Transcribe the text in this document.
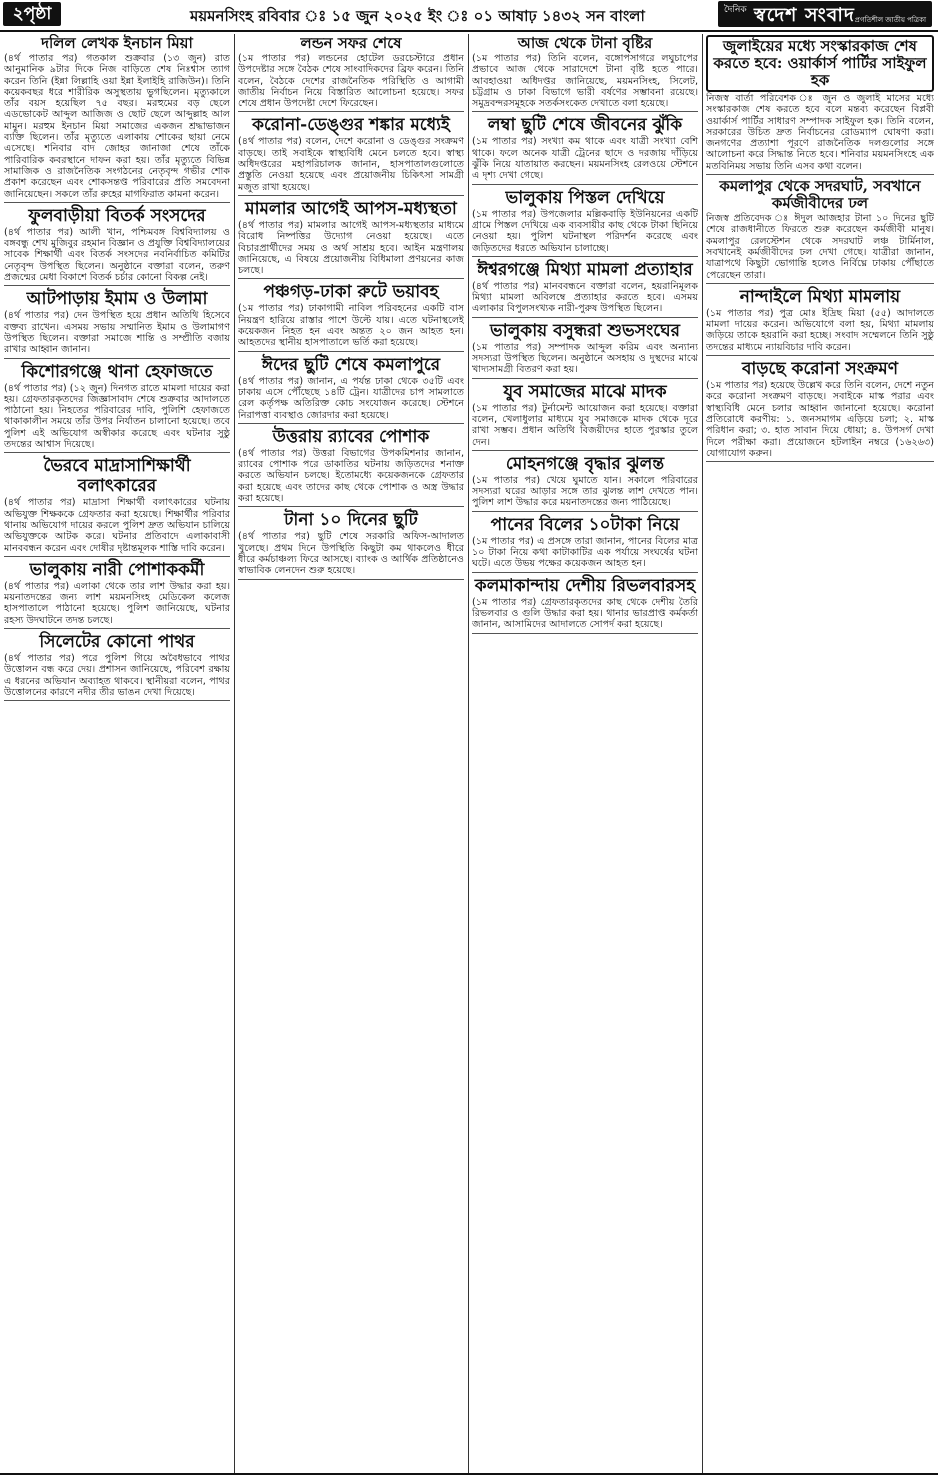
২পৃষ্ঠা	ময়মনসিংহ রবিবার ঃ ১৫ জুন ২০২৫ ইং ঃ ০১ আষাঢ় ১৪৩২ সন বাংলা	দৈনিক স্বদেশ সংবাদ প্রগতিশীল জাতীয় পত্রিকা
দলিল লেখক ইনচান মিয়া

(৪র্থ পাতার পর) গতকাল শুক্রবার (১৩ জুন) রাত আনুমানিক ৯টার দিকে নিজ বাড়িতে শেষ নিঃশ্বাস ত্যাগ করেন তিনি (ইন্না লিল্লাহি ওয়া ইন্না ইলাইহি রাজিউন)। তিনি কয়েকবছর ধরে শারীরিক অসুস্থতায় ভুগছিলেন। মৃত্যুকালে তাঁর বয়স হয়েছিল ৭৫ বছর। মরহুমের বড় ছেলে এডভোকেট আব্দুল আজিজ ও ছোট ছেলে আব্দুল্লাহ আল মামুন। মরহুম ইনচান মিয়া সমাজের একজন শ্রদ্ধাভাজন ব্যক্তি ছিলেন। তাঁর মৃত্যুতে এলাকায় শোকের ছায়া নেমে এসেছে। শনিবার বাদ জোহর জানাজা শেষে তাঁকে পারিবারিক কবরস্থানে দাফন করা হয়। তাঁর মৃত্যুতে বিভিন্ন সামাজিক ও রাজনৈতিক সংগঠনের নেতৃবৃন্দ গভীর শোক প্রকাশ করেছেন এবং শোকসন্তপ্ত পরিবারের প্রতি সমবেদনা জানিয়েছেন। সকলে তাঁর রুহের মাগফিরাত কামনা করেন।

ফুলবাড়ীয়া বিতর্ক সংসদের

(৪র্থ পাতার পর) আলী খান, পশ্চিমবঙ্গ বিশ্ববিদ্যালয় ও বঙ্গবন্ধু শেখ মুজিবুর রহমান বিজ্ঞান ও প্রযুক্তি বিশ্ববিদ্যালয়ের সাবেক শিক্ষার্থী এবং বিতর্ক সংসদের নবনির্বাচিত কমিটির নেতৃবৃন্দ উপস্থিত ছিলেন। অনুষ্ঠানে বক্তারা বলেন, তরুণ প্রজন্মের মেধা বিকাশে বিতর্ক চর্চার কোনো বিকল্প নেই।

আটপাড়ায় ইমাম ও উলামা

(৪র্থ পাতার পর) দেন উপস্থিত হয়ে প্রধান অতিথি হিসেবে বক্তব্য রাখেন। এসময় সভায় সম্মানিত ইমাম ও উলামাগণ উপস্থিত ছিলেন। বক্তারা সমাজে শান্তি ও সম্প্রীতি বজায় রাখার আহ্বান জানান।

কিশোরগঞ্জে থানা হেফাজতে

(৪র্থ পাতার পর) (১২ জুন) দিনগত রাতে মামলা দায়ের করা হয়। গ্রেফতারকৃতদের জিজ্ঞাসাবাদ শেষে শুক্রবার আদালতে পাঠানো হয়। নিহতের পরিবারের দাবি, পুলিশি হেফাজতে থাকাকালীন সময়ে তাঁর উপর নির্যাতন চালানো হয়েছে। তবে পুলিশ এই অভিযোগ অস্বীকার করেছে এবং ঘটনার সুষ্ঠু তদন্তের আশ্বাস দিয়েছে।

ভৈরবে মাদ্রাসাশিক্ষার্থী বলাৎকারের

(৪র্থ পাতার পর) মাদ্রাসা শিক্ষার্থী বলাৎকারের ঘটনায় অভিযুক্ত শিক্ষককে গ্রেফতার করা হয়েছে। শিক্ষার্থীর পরিবার থানায় অভিযোগ দায়ের করলে পুলিশ দ্রুত অভিযান চালিয়ে অভিযুক্তকে আটক করে। ঘটনার প্রতিবাদে এলাকাবাসী মানববন্ধন করেন এবং দোষীর দৃষ্টান্তমূলক শাস্তি দাবি করেন।

ভালুকায় নারী পোশাককর্মী

(৪র্থ পাতার পর) এলাকা থেকে তার লাশ উদ্ধার করা হয়। ময়নাতদন্তের জন্য লাশ ময়মনসিংহ মেডিকেল কলেজ হাসপাতালে পাঠানো হয়েছে। পুলিশ জানিয়েছে, ঘটনার রহস্য উদঘাটনে তদন্ত চলছে।

সিলেটের কোনো পাথর

(৪র্থ পাতার পর) পরে পুলিশ গিয়ে অবৈধভাবে পাথর উত্তোলন বন্ধ করে দেয়। প্রশাসন জানিয়েছে, পরিবেশ রক্ষায় এ ধরনের অভিযান অব্যাহত থাকবে। স্থানীয়রা বলেন, পাথর উত্তোলনের কারণে নদীর তীর ভাঙন দেখা দিয়েছে।

লন্ডন সফর শেষে

(১ম পাতার পর) লন্ডনের হোটেল ডরচেস্টারে প্রধান উপদেষ্টার সঙ্গে বৈঠক শেষে সাংবাদিকদের ব্রিফ করেন। তিনি বলেন, বৈঠকে দেশের রাজনৈতিক পরিস্থিতি ও আগামী জাতীয় নির্বাচন নিয়ে বিস্তারিত আলোচনা হয়েছে। সফর শেষে প্রধান উপদেষ্টা দেশে ফিরেছেন।

করোনা-ডেঙ্গুর শঙ্কার মধ্যেই

(৪র্থ পাতার পর) বলেন, দেশে করোনা ও ডেঙ্গুর সংক্রমণ বাড়ছে। তাই সবাইকে স্বাস্থ্যবিধি মেনে চলতে হবে। স্বাস্থ্য অধিদপ্তরের মহাপরিচালক জানান, হাসপাতালগুলোতে প্রস্তুতি নেওয়া হয়েছে এবং প্রয়োজনীয় চিকিৎসা সামগ্রী মজুত রাখা হয়েছে।

মামলার আগেই আপস-মধ্যস্থতা

(৪র্থ পাতার পর) মামলার আগেই আপস-মধ্যস্থতার মাধ্যমে বিরোধ নিষ্পত্তির উদ্যোগ নেওয়া হয়েছে। এতে বিচারপ্রার্থীদের সময় ও অর্থ সাশ্রয় হবে। আইন মন্ত্রণালয় জানিয়েছে, এ বিষয়ে প্রয়োজনীয় বিধিমালা প্রণয়নের কাজ চলছে।

পঞ্চগড়-ঢাকা রুটে ভয়াবহ

(১ম পাতার পর) ঢাকাগামী নাবিল পরিবহনের একটি বাস নিয়ন্ত্রণ হারিয়ে রাস্তার পাশে উল্টে যায়। এতে ঘটনাস্থলেই কয়েকজন নিহত হন এবং অন্তত ২০ জন আহত হন। আহতদের স্থানীয় হাসপাতালে ভর্তি করা হয়েছে।

ঈদের ছুটি শেষে কমলাপুরে

(৪র্থ পাতার পর) জানান, এ পর্যন্ত ঢাকা থেকে ৩৫টি এবং ঢাকায় এসে পৌঁছেছে ১৪টি ট্রেন। যাত্রীদের চাপ সামলাতে রেল কর্তৃপক্ষ অতিরিক্ত কোচ সংযোজন করেছে। স্টেশনে নিরাপত্তা ব্যবস্থাও জোরদার করা হয়েছে।

উত্তরায় র‍্যাবের পোশাক

(৪র্থ পাতার পর) উত্তরা বিভাগের উপকমিশনার জানান, র‍্যাবের পোশাক পরে ডাকাতির ঘটনায় জড়িতদের শনাক্ত করতে অভিযান চলছে। ইতোমধ্যে কয়েকজনকে গ্রেফতার করা হয়েছে এবং তাদের কাছ থেকে পোশাক ও অস্ত্র উদ্ধার করা হয়েছে।

টানা ১০ দিনের ছুটি

(৪র্থ পাতার পর) ছুটি শেষে সরকারি অফিস-আদালত খুলেছে। প্রথম দিনে উপস্থিতি কিছুটা কম থাকলেও ধীরে ধীরে কর্মচাঞ্চল্য ফিরে আসছে। ব্যাংক ও আর্থিক প্রতিষ্ঠানেও স্বাভাবিক লেনদেন শুরু হয়েছে।

আজ থেকে টানা বৃষ্টির

(১ম পাতার পর) তিনি বলেন, বঙ্গোপসাগরে লঘুচাপের প্রভাবে আজ থেকে সারাদেশে টানা বৃষ্টি হতে পারে। আবহাওয়া অধিদপ্তর জানিয়েছে, ময়মনসিংহ, সিলেট, চট্টগ্রাম ও ঢাকা বিভাগে ভারী বর্ষণের সম্ভাবনা রয়েছে। সমুদ্রবন্দরসমূহকে সতর্কসংকেত দেখাতে বলা হয়েছে।

লম্বা ছুটি শেষে জীবনের ঝুঁকি

(১ম পাতার পর) সংখ্যা কম থাকে এবং যাত্রী সংখ্যা বেশি থাকে। ফলে অনেক যাত্রী ট্রেনের ছাদে ও দরজায় দাঁড়িয়ে ঝুঁকি নিয়ে যাতায়াত করছেন। ময়মনসিংহ রেলওয়ে স্টেশনে এ দৃশ্য দেখা গেছে।

ভালুকায় পিস্তল দেখিয়ে

(১ম পাতার পর) উপজেলার মল্লিকবাড়ি ইউনিয়নের একটি গ্রামে পিস্তল দেখিয়ে এক ব্যবসায়ীর কাছ থেকে টাকা ছিনিয়ে নেওয়া হয়। পুলিশ ঘটনাস্থল পরিদর্শন করেছে এবং জড়িতদের ধরতে অভিযান চালাচ্ছে।

ঈশ্বরগঞ্জে মিথ্যা মামলা প্রত্যাহার

(৪র্থ পাতার পর) মানববন্ধনে বক্তারা বলেন, হয়রানিমূলক মিথ্যা মামলা অবিলম্বে প্রত্যাহার করতে হবে। এসময় এলাকার বিপুলসংখ্যক নারী-পুরুষ উপস্থিত ছিলেন।

ভালুকায় বসুন্ধরা শুভসংঘের

(১ম পাতার পর) সম্পাদক আব্দুল করিম এবং অন্যান্য সদস্যরা উপস্থিত ছিলেন। অনুষ্ঠানে অসহায় ও দুস্থদের মাঝে খাদ্যসামগ্রী বিতরণ করা হয়।

যুব সমাজের মাঝে মাদক

(১ম পাতার পর) টুর্নামেন্ট আয়োজন করা হয়েছে। বক্তারা বলেন, খেলাধুলার মাধ্যমে যুব সমাজকে মাদক থেকে দূরে রাখা সম্ভব। প্রধান অতিথি বিজয়ীদের হাতে পুরস্কার তুলে দেন।

মোহনগঞ্জে বৃদ্ধার ঝুলন্ত

(১ম পাতার পর) খেয়ে ঘুমাতে যান। সকালে পরিবারের সদস্যরা ঘরের আড়ার সঙ্গে তার ঝুলন্ত লাশ দেখতে পান। পুলিশ লাশ উদ্ধার করে ময়নাতদন্তের জন্য পাঠিয়েছে।

পানের বিলের ১০টাকা নিয়ে

(১ম পাতার পর) এ প্রসঙ্গে তারা জানান, পানের বিলের মাত্র ১০ টাকা নিয়ে কথা কাটাকাটির এক পর্যায়ে সংঘর্ষের ঘটনা ঘটে। এতে উভয় পক্ষের কয়েকজন আহত হন।

কলমাকান্দায় দেশীয় রিভলবারসহ

(১ম পাতার পর) গ্রেফতারকৃতদের কাছ থেকে দেশীয় তৈরি রিভলবার ও গুলি উদ্ধার করা হয়। থানার ভারপ্রাপ্ত কর্মকর্তা জানান, আসামিদের আদালতে সোপর্দ করা হয়েছে।

জুলাইয়ের মধ্যে সংস্কারকাজ শেষ করতে হবে: ওয়ার্কার্স পার্টির সাইফুল হক

নিজস্ব বার্তা পরিবেশক ঃ জুন ও জুলাই মাসের মধ্যে সংস্কারকাজ শেষ করতে হবে বলে মন্তব্য করেছেন বিপ্লবী ওয়ার্কার্স পার্টির সাধারণ সম্পাদক সাইফুল হক। তিনি বলেন, সরকারের উচিত দ্রুত নির্বাচনের রোডম্যাপ ঘোষণা করা। জনগণের প্রত্যাশা পূরণে রাজনৈতিক দলগুলোর সঙ্গে আলোচনা করে সিদ্ধান্ত নিতে হবে। শনিবার ময়মনসিংহে এক মতবিনিময় সভায় তিনি এসব কথা বলেন।

কমলাপুর থেকে সদরঘাট, সবখানে কর্মজীবীদের ঢল

নিজস্ব প্রতিবেদক ঃ ঈদুল আজহার টানা ১০ দিনের ছুটি শেষে রাজধানীতে ফিরতে শুরু করেছেন কর্মজীবী মানুষ। কমলাপুর রেলস্টেশন থেকে সদরঘাট লঞ্চ টার্মিনাল, সবখানেই কর্মজীবীদের ঢল দেখা গেছে। যাত্রীরা জানান, যাত্রাপথে কিছুটা ভোগান্তি হলেও নির্বিঘ্নে ঢাকায় পৌঁছাতে পেরেছেন তারা।

নান্দাইলে মিথ্যা মামলায়

(১ম পাতার পর) পুত্র মোঃ ইদ্রিছ মিয়া (৫৫) আদালতে মামলা দায়ের করেন। অভিযোগে বলা হয়, মিথ্যা মামলায় জড়িয়ে তাকে হয়রানি করা হচ্ছে। সংবাদ সম্মেলনে তিনি সুষ্ঠু তদন্তের মাধ্যমে ন্যায়বিচার দাবি করেন।

বাড়ছে করোনা সংক্রমণ

(১ম পাতার পর) হয়েছে উল্লেখ করে তিনি বলেন, দেশে নতুন করে করোনা সংক্রমণ বাড়ছে। সবাইকে মাস্ক পরার এবং স্বাস্থ্যবিধি মেনে চলার আহ্বান জানানো হয়েছে। করোনা প্রতিরোধে করণীয়: ১. জনসমাগম এড়িয়ে চলা; ২. মাস্ক পরিধান করা; ৩. হাত সাবান দিয়ে ধোয়া; ৪. উপসর্গ দেখা দিলে পরীক্ষা করা। প্রয়োজনে হটলাইন নম্বরে (১৬২৬৩) যোগাযোগ করুন।
